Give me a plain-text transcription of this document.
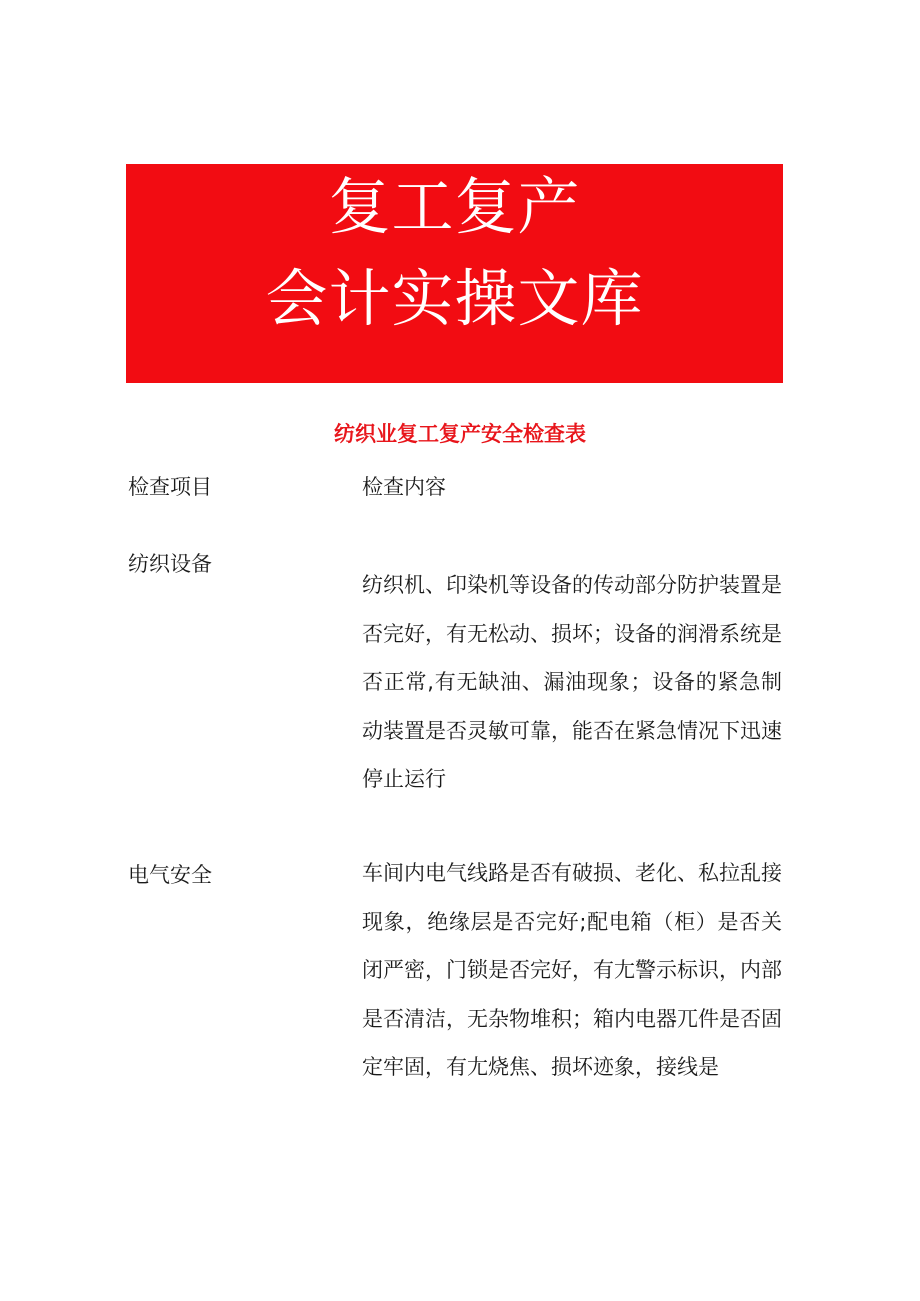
复工复产
会计实操文库
纺织业复工复产安全检查表
检查项目	检查内容
纺织设备
纺织机、印染机等设备的传动部分防护装置是否完好，有无松动、损坏；设备的润滑系统是否正常,有无缺油、漏油现象；设备的紧急制动装置是否灵敏可靠，能否在紧急情况下迅速停止运行
电气安全	车间内电气线路是否有破损、老化、私拉乱接现象，绝缘层是否完好;配电箱（柜）是否关闭严密，门锁是否完好，有尢警示标识，内部是否清洁，无杂物堆积；箱内电器兀件是否固定牢固，有尢烧焦、损坏迹象，接线是
